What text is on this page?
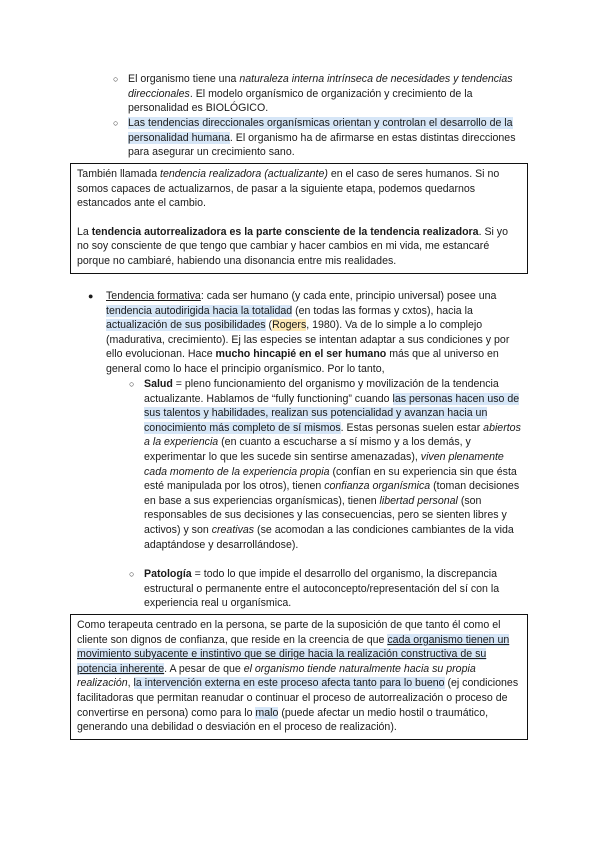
○ El organismo tiene una naturaleza interna intrínseca de necesidades y tendencias direccionales. El modelo organísmico de organización y crecimiento de la personalidad es BIOLÓGICO.
○ Las tendencias direccionales organísmicas orientan y controlan el desarrollo de la personalidad humana. El organismo ha de afirmarse en estas distintas direcciones para asegurar un crecimiento sano.

También llamada tendencia realizadora (actualizante) en el caso de seres humanos. Si no somos capaces de actualizarnos, de pasar a la siguiente etapa, podemos quedarnos estancados ante el cambio.

La tendencia autorrealizadora es la parte consciente de la tendencia realizadora. Si yo no soy consciente de que tengo que cambiar y hacer cambios en mi vida, me estancaré porque no cambiaré, habiendo una disonancia entre mis realidades.

● Tendencia formativa: cada ser humano (y cada ente, principio universal) posee una tendencia autodirigida hacia la totalidad (en todas las formas y cxtos), hacia la actualización de sus posibilidades (Rogers, 1980). Va de lo simple a lo complejo (madurativa, crecimiento). Ej las especies se intentan adaptar a sus condiciones y por ello evolucionan. Hace mucho hincapié en el ser humano más que al universo en general como lo hace el principio organísmico. Por lo tanto,
○ Salud = pleno funcionamiento del organismo y movilización de la tendencia actualizante. Hablamos de “fully functioning” cuando las personas hacen uso de sus talentos y habilidades, realizan sus potencialidad y avanzan hacia un conocimiento más completo de sí mismos. Estas personas suelen estar abiertos a la experiencia (en cuanto a escucharse a sí mismo y a los demás, y experimentar lo que les sucede sin sentirse amenazadas), viven plenamente cada momento de la experiencia propia (confían en su experiencia sin que ésta esté manipulada por los otros), tienen confianza organísmica (toman decisiones en base a sus experiencias organísmicas), tienen libertad personal (son responsables de sus decisiones y las consecuencias, pero se sienten libres y activos) y son creativas (se acomodan a las condiciones cambiantes de la vida adaptándose y desarrollándose).
○ Patología = todo lo que impide el desarrollo del organismo, la discrepancia estructural o permanente entre el autoconcepto/representación del sí con la experiencia real u organísmica.

Como terapeuta centrado en la persona, se parte de la suposición de que tanto él como el cliente son dignos de confianza, que reside en la creencia de que cada organismo tienen un movimiento subyacente e instintivo que se dirige hacia la realización constructiva de su potencia inherente. A pesar de que el organismo tiende naturalmente hacia su propia realización, la intervención externa en este proceso afecta tanto para lo bueno (ej condiciones facilitadoras que permitan reanudar o continuar el proceso de autorrealización o proceso de convertirse en persona) como para lo malo (puede afectar un medio hostil o traumático, generando una debilidad o desviación en el proceso de realización).
